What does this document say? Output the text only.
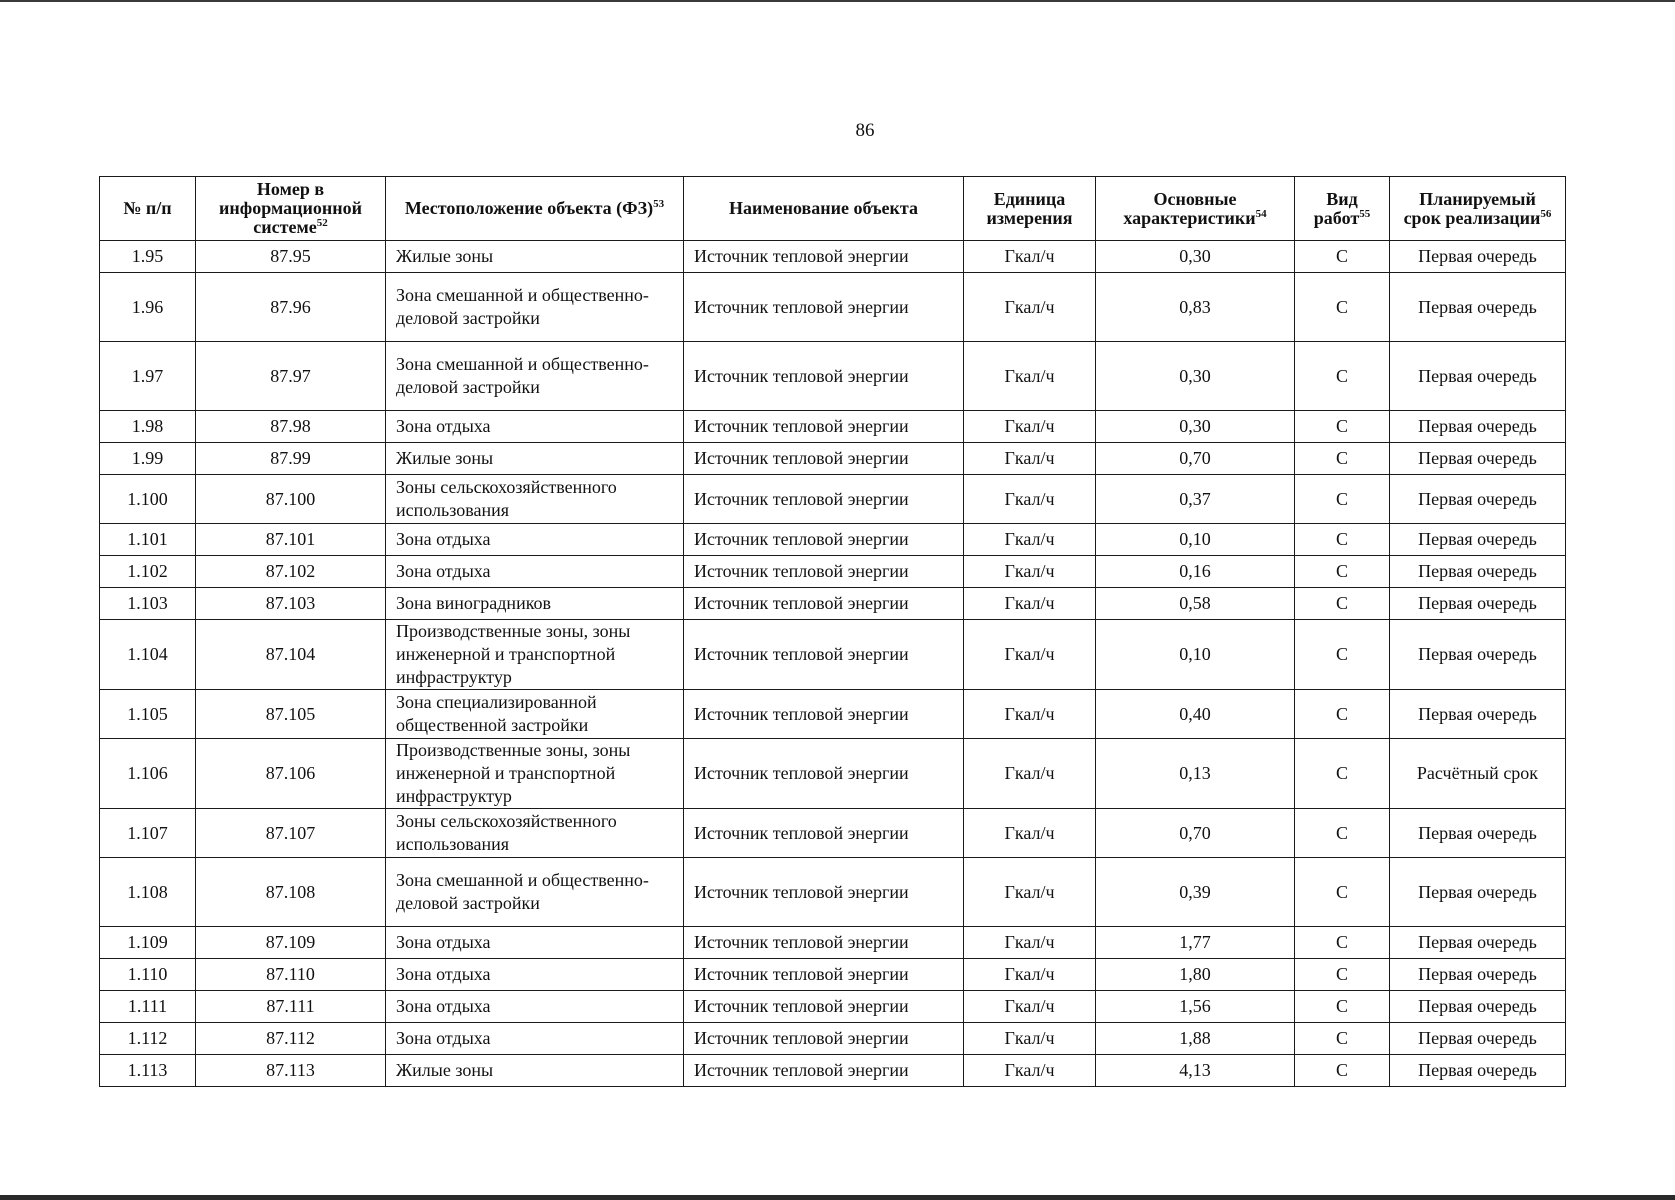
86
№ п/п	Номер в информационной системе$^{52}$	Местоположение объекта (ФЗ)$^{53}$	Наименование объекта	Единица измерения	Основные характеристики$^{54}$	Вид работ$^{55}$	Планируемый срок реализации$^{56}$
1.95	87.95	Жилые зоны	Источник тепловой энергии	Гкал/ч	0,30	С	Первая очередь
1.96	87.96	Зона смешанной и общественно-деловой застройки	Источник тепловой энергии	Гкал/ч	0,83	С	Первая очередь
1.97	87.97	Зона смешанной и общественно-деловой застройки	Источник тепловой энергии	Гкал/ч	0,30	С	Первая очередь
1.98	87.98	Зона отдыха	Источник тепловой энергии	Гкал/ч	0,30	С	Первая очередь
1.99	87.99	Жилые зоны	Источник тепловой энергии	Гкал/ч	0,70	С	Первая очередь
1.100	87.100	Зоны сельскохозяйственного использования	Источник тепловой энергии	Гкал/ч	0,37	С	Первая очередь
1.101	87.101	Зона отдыха	Источник тепловой энергии	Гкал/ч	0,10	С	Первая очередь
1.102	87.102	Зона отдыха	Источник тепловой энергии	Гкал/ч	0,16	С	Первая очередь
1.103	87.103	Зона виноградников	Источник тепловой энергии	Гкал/ч	0,58	С	Первая очередь
1.104	87.104	Производственные зоны, зоны инженерной и транспортной инфраструктур	Источник тепловой энергии	Гкал/ч	0,10	С	Первая очередь
1.105	87.105	Зона специализированной общественной застройки	Источник тепловой энергии	Гкал/ч	0,40	С	Первая очередь
1.106	87.106	Производственные зоны, зоны инженерной и транспортной инфраструктур	Источник тепловой энергии	Гкал/ч	0,13	С	Расчётный срок
1.107	87.107	Зоны сельскохозяйственного использования	Источник тепловой энергии	Гкал/ч	0,70	С	Первая очередь
1.108	87.108	Зона смешанной и общественно-деловой застройки	Источник тепловой энергии	Гкал/ч	0,39	С	Первая очередь
1.109	87.109	Зона отдыха	Источник тепловой энергии	Гкал/ч	1,77	С	Первая очередь
1.110	87.110	Зона отдыха	Источник тепловой энергии	Гкал/ч	1,80	С	Первая очередь
1.111	87.111	Зона отдыха	Источник тепловой энергии	Гкал/ч	1,56	С	Первая очередь
1.112	87.112	Зона отдыха	Источник тепловой энергии	Гкал/ч	1,88	С	Первая очередь
1.113	87.113	Жилые зоны	Источник тепловой энергии	Гкал/ч	4,13	С	Первая очередь
